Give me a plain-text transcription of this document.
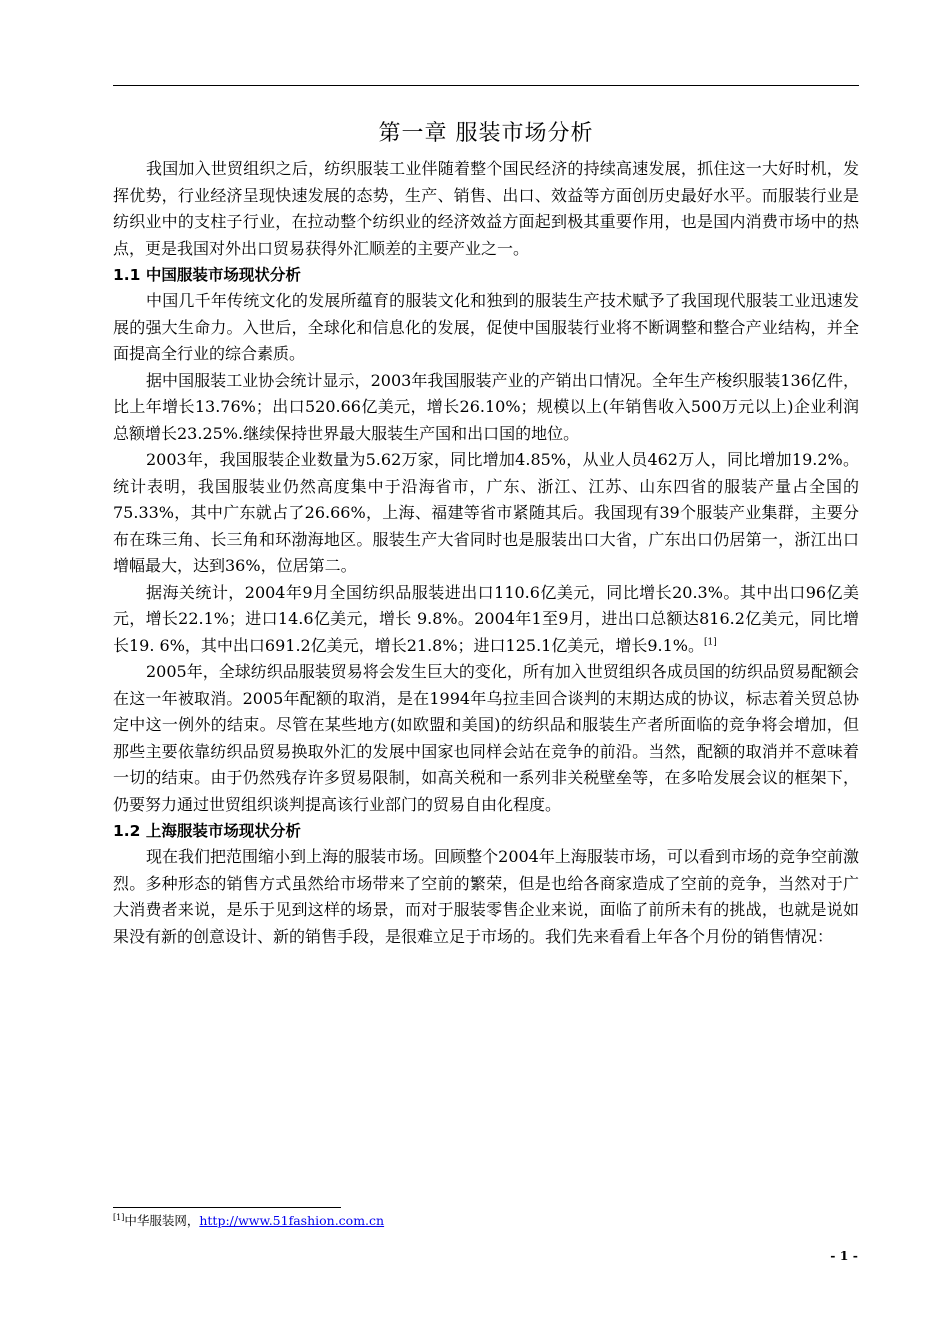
第一章 服装市场分析

我国加入世贸组织之后，纺织服装工业伴随着整个国民经济的持续高速发展，抓住这一大好时机，发挥优势，行业经济呈现快速发展的态势，生产、销售、出口、效益等方面创历史最好水平。而服装行业是纺织业中的支柱子行业，在拉动整个纺织业的经济效益方面起到极其重要作用，也是国内消费市场中的热点，更是我国对外出口贸易获得外汇顺差的主要产业之一。

1.1 中国服装市场现状分析

中国几千年传统文化的发展所蕴育的服装文化和独到的服装生产技术赋予了我国现代服装工业迅速发展的强大生命力。入世后，全球化和信息化的发展，促使中国服装行业将不断调整和整合产业结构，并全面提高全行业的综合素质。

据中国服装工业协会统计显示，2003年我国服装产业的产销出口情况。全年生产梭织服装136亿件，比上年增长13.76%；出口520.66亿美元，增长26.10%；规模以上(年销售收入500万元以上)企业利润总额增长23.25%.继续保持世界最大服装生产国和出口国的地位。

2003年，我国服装企业数量为5.62万家，同比增加4.85%，从业人员462万人，同比增加19.2%。统计表明，我国服装业仍然高度集中于沿海省市，广东、浙江、江苏、山东四省的服装产量占全国的75.33%，其中广东就占了26.66%，上海、福建等省市紧随其后。我国现有39个服装产业集群，主要分布在珠三角、长三角和环渤海地区。服装生产大省同时也是服装出口大省，广东出口仍居第一，浙江出口增幅最大，达到36%，位居第二。

据海关统计，2004年9月全国纺织品服装进出口110.6亿美元，同比增长20.3%。其中出口96亿美元，增长22.1%；进口14.6亿美元，增长 9.8%。2004年1至9月，进出口总额达816.2亿美元，同比增长19. 6%，其中出口691.2亿美元，增长21.8%；进口125.1亿美元，增长9.1%。[1]

2005年，全球纺织品服装贸易将会发生巨大的变化，所有加入世贸组织各成员国的纺织品贸易配额会在这一年被取消。2005年配额的取消，是在1994年乌拉圭回合谈判的末期达成的协议，标志着关贸总协定中这一例外的结束。尽管在某些地方(如欧盟和美国)的纺织品和服装生产者所面临的竞争将会增加，但那些主要依靠纺织品贸易换取外汇的发展中国家也同样会站在竞争的前沿。当然，配额的取消并不意味着一切的结束。由于仍然残存许多贸易限制，如高关税和一系列非关税壁垒等，在多哈发展会议的框架下，仍要努力通过世贸组织谈判提高该行业部门的贸易自由化程度。

1.2 上海服装市场现状分析

现在我们把范围缩小到上海的服装市场。回顾整个2004年上海服装市场，可以看到市场的竞争空前激烈。多种形态的销售方式虽然给市场带来了空前的繁荣，但是也给各商家造成了空前的竞争，当然对于广大消费者来说，是乐于见到这样的场景，而对于服装零售企业来说，面临了前所未有的挑战，也就是说如果没有新的创意设计、新的销售手段，是很难立足于市场的。我们先来看看上年各个月份的销售情况：

[1]中华服装网，http://www.51fashion.com.cn
- 1 -
